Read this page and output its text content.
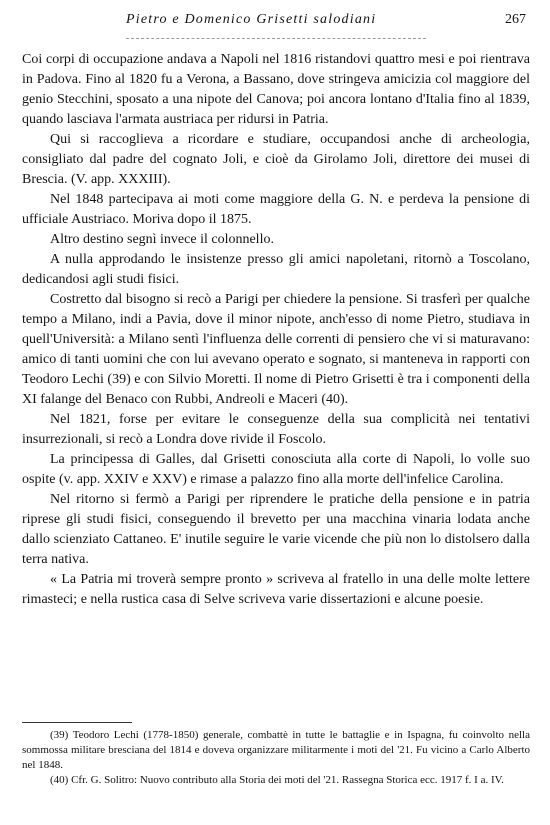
Pietro e Domenico Grisetti salodiani	267

Coi corpi di occupazione andava a Napoli nel 1816 ristandovi quattro mesi e poi rientrava in Padova. Fino al 1820 fu a Verona, a Bassano, dove stringeva amicizia col maggiore del genio Stecchini, sposato a una nipote del Canova; poi ancora lontano d'Italia fino al 1839, quando lasciava l'armata austriaca per ridursi in Patria.

Qui si raccoglieva a ricordare e studiare, occupandosi anche di archeologia, consigliato dal padre del cognato Joli, e cioè da Girolamo Joli, direttore dei musei di Brescia. (V. app. XXXIII).

Nel 1848 partecipava ai moti come maggiore della G. N. e perdeva la pensione di ufficiale Austriaco. Moriva dopo il 1875.

Altro destino segnì invece il colonnello.

A nulla approdando le insistenze presso gli amici napoletani, ritornò a Toscolano, dedicandosi agli studi fisici.

Costretto dal bisogno si recò a Parigi per chiedere la pensione. Si trasferì per qualche tempo a Milano, indi a Pavia, dove il minor nipote, anch'esso di nome Pietro, studiava in quell'Università: a Milano sentì l'influenza delle correnti di pensiero che vi si maturavano: amico di tanti uomini che con lui avevano operato e sognato, si manteneva in rapporti con Teodoro Lechi (39) e con Silvio Moretti. Il nome di Pietro Grisetti è tra i componenti della XI falange del Benaco con Rubbi, Andreoli e Maceri (40).

Nel 1821, forse per evitare le conseguenze della sua complicità nei tentativi insurrezionali, si recò a Londra dove rivide il Foscolo.

La principessa di Galles, dal Grisetti conosciuta alla corte di Napoli, lo volle suo ospite (v. app. XXIV e XXV) e rimase a palazzo fino alla morte dell'infelice Carolina.

Nel ritorno si fermò a Parigi per riprendere le pratiche della pensione e in patria riprese gli studi fisici, conseguendo il brevetto per una macchina vinaria lodata anche dallo scienziato Cattaneo. E' inutile seguire le varie vicende che più non lo distolsero dalla terra nativa.

« La Patria mi troverà sempre pronto » scriveva al fratello in una delle molte lettere rimasteci; e nella rustica casa di Selve scriveva varie dissertazioni e alcune poesie.

(39) Teodoro Lechi (1778-1850) generale, combattè in tutte le battaglie e in Ispagna, fu coinvolto nella sommossa militare bresciana del 1814 e doveva organizzare militarmente i moti del '21. Fu vicino a Carlo Alberto nel 1848.

(40) Cfr. G. Solitro: Nuovo contributo alla Storia dei moti del '21. Rassegna Storica ecc. 1917 f. I a. IV.
